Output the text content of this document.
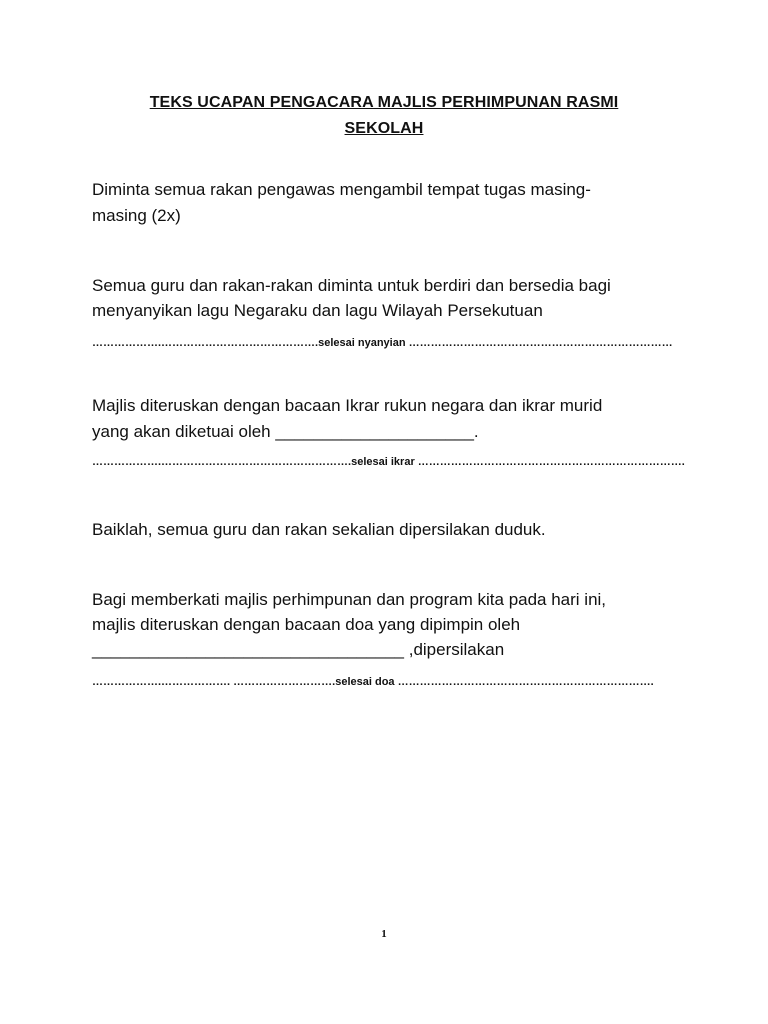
TEKS UCAPAN PENGACARA MAJLIS PERHIMPUNAN RASMI
SEKOLAH
Diminta semua rakan pengawas mengambil tempat tugas masing-
masing (2x)
Semua guru dan rakan-rakan diminta untuk berdiri dan bersedia bagi
menyanyikan lagu Negaraku dan lagu Wilayah Persekutuan
……………….…………………………………….selesai nyanyian ………………………………………………………………
Majlis diteruskan dengan bacaan Ikrar rukun negara dan ikrar murid
yang akan diketuai oleh _____________________.
……………….…………………………………………….selesai ikrar ……………………………………………………………….
Baiklah, semua guru dan rakan sekalian dipersilakan duduk.
Bagi memberkati majlis perhimpunan dan program kita pada hari ini,
majlis diteruskan dengan bacaan doa yang dipimpin oleh
_________________________________ ,dipersilakan
……………….………………. ……………………….selesai doa …………………………………………………………….
1
